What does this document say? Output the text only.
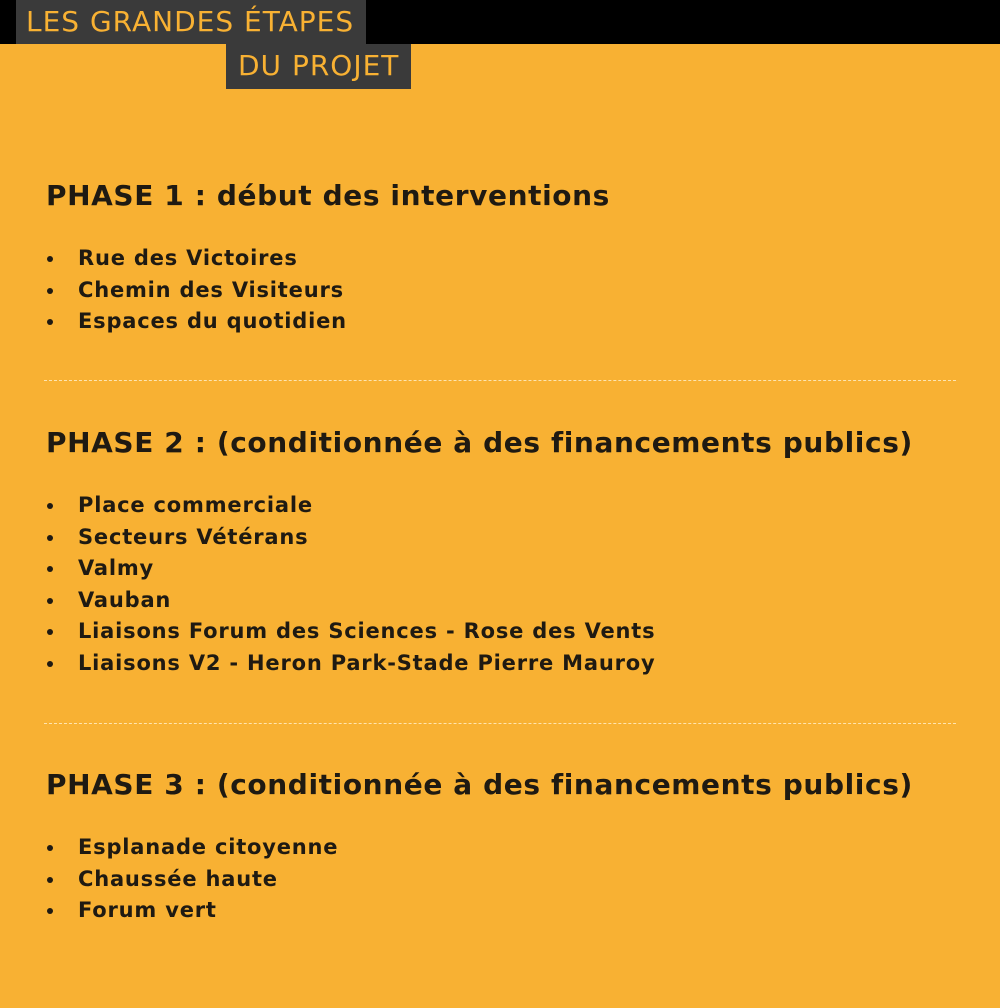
LES GRANDES ÉTAPES
DU PROJET
PHASE 1 : début des interventions
Rue des Victoires
Chemin des Visiteurs
Espaces du quotidien
PHASE 2 : (conditionnée à des financements publics)
Place commerciale
Secteurs Vétérans
Valmy
Vauban
Liaisons Forum des Sciences - Rose des Vents
Liaisons V2 - Heron Park-Stade Pierre Mauroy
PHASE 3 : (conditionnée à des financements publics)
Esplanade citoyenne
Chaussée haute
Forum vert
